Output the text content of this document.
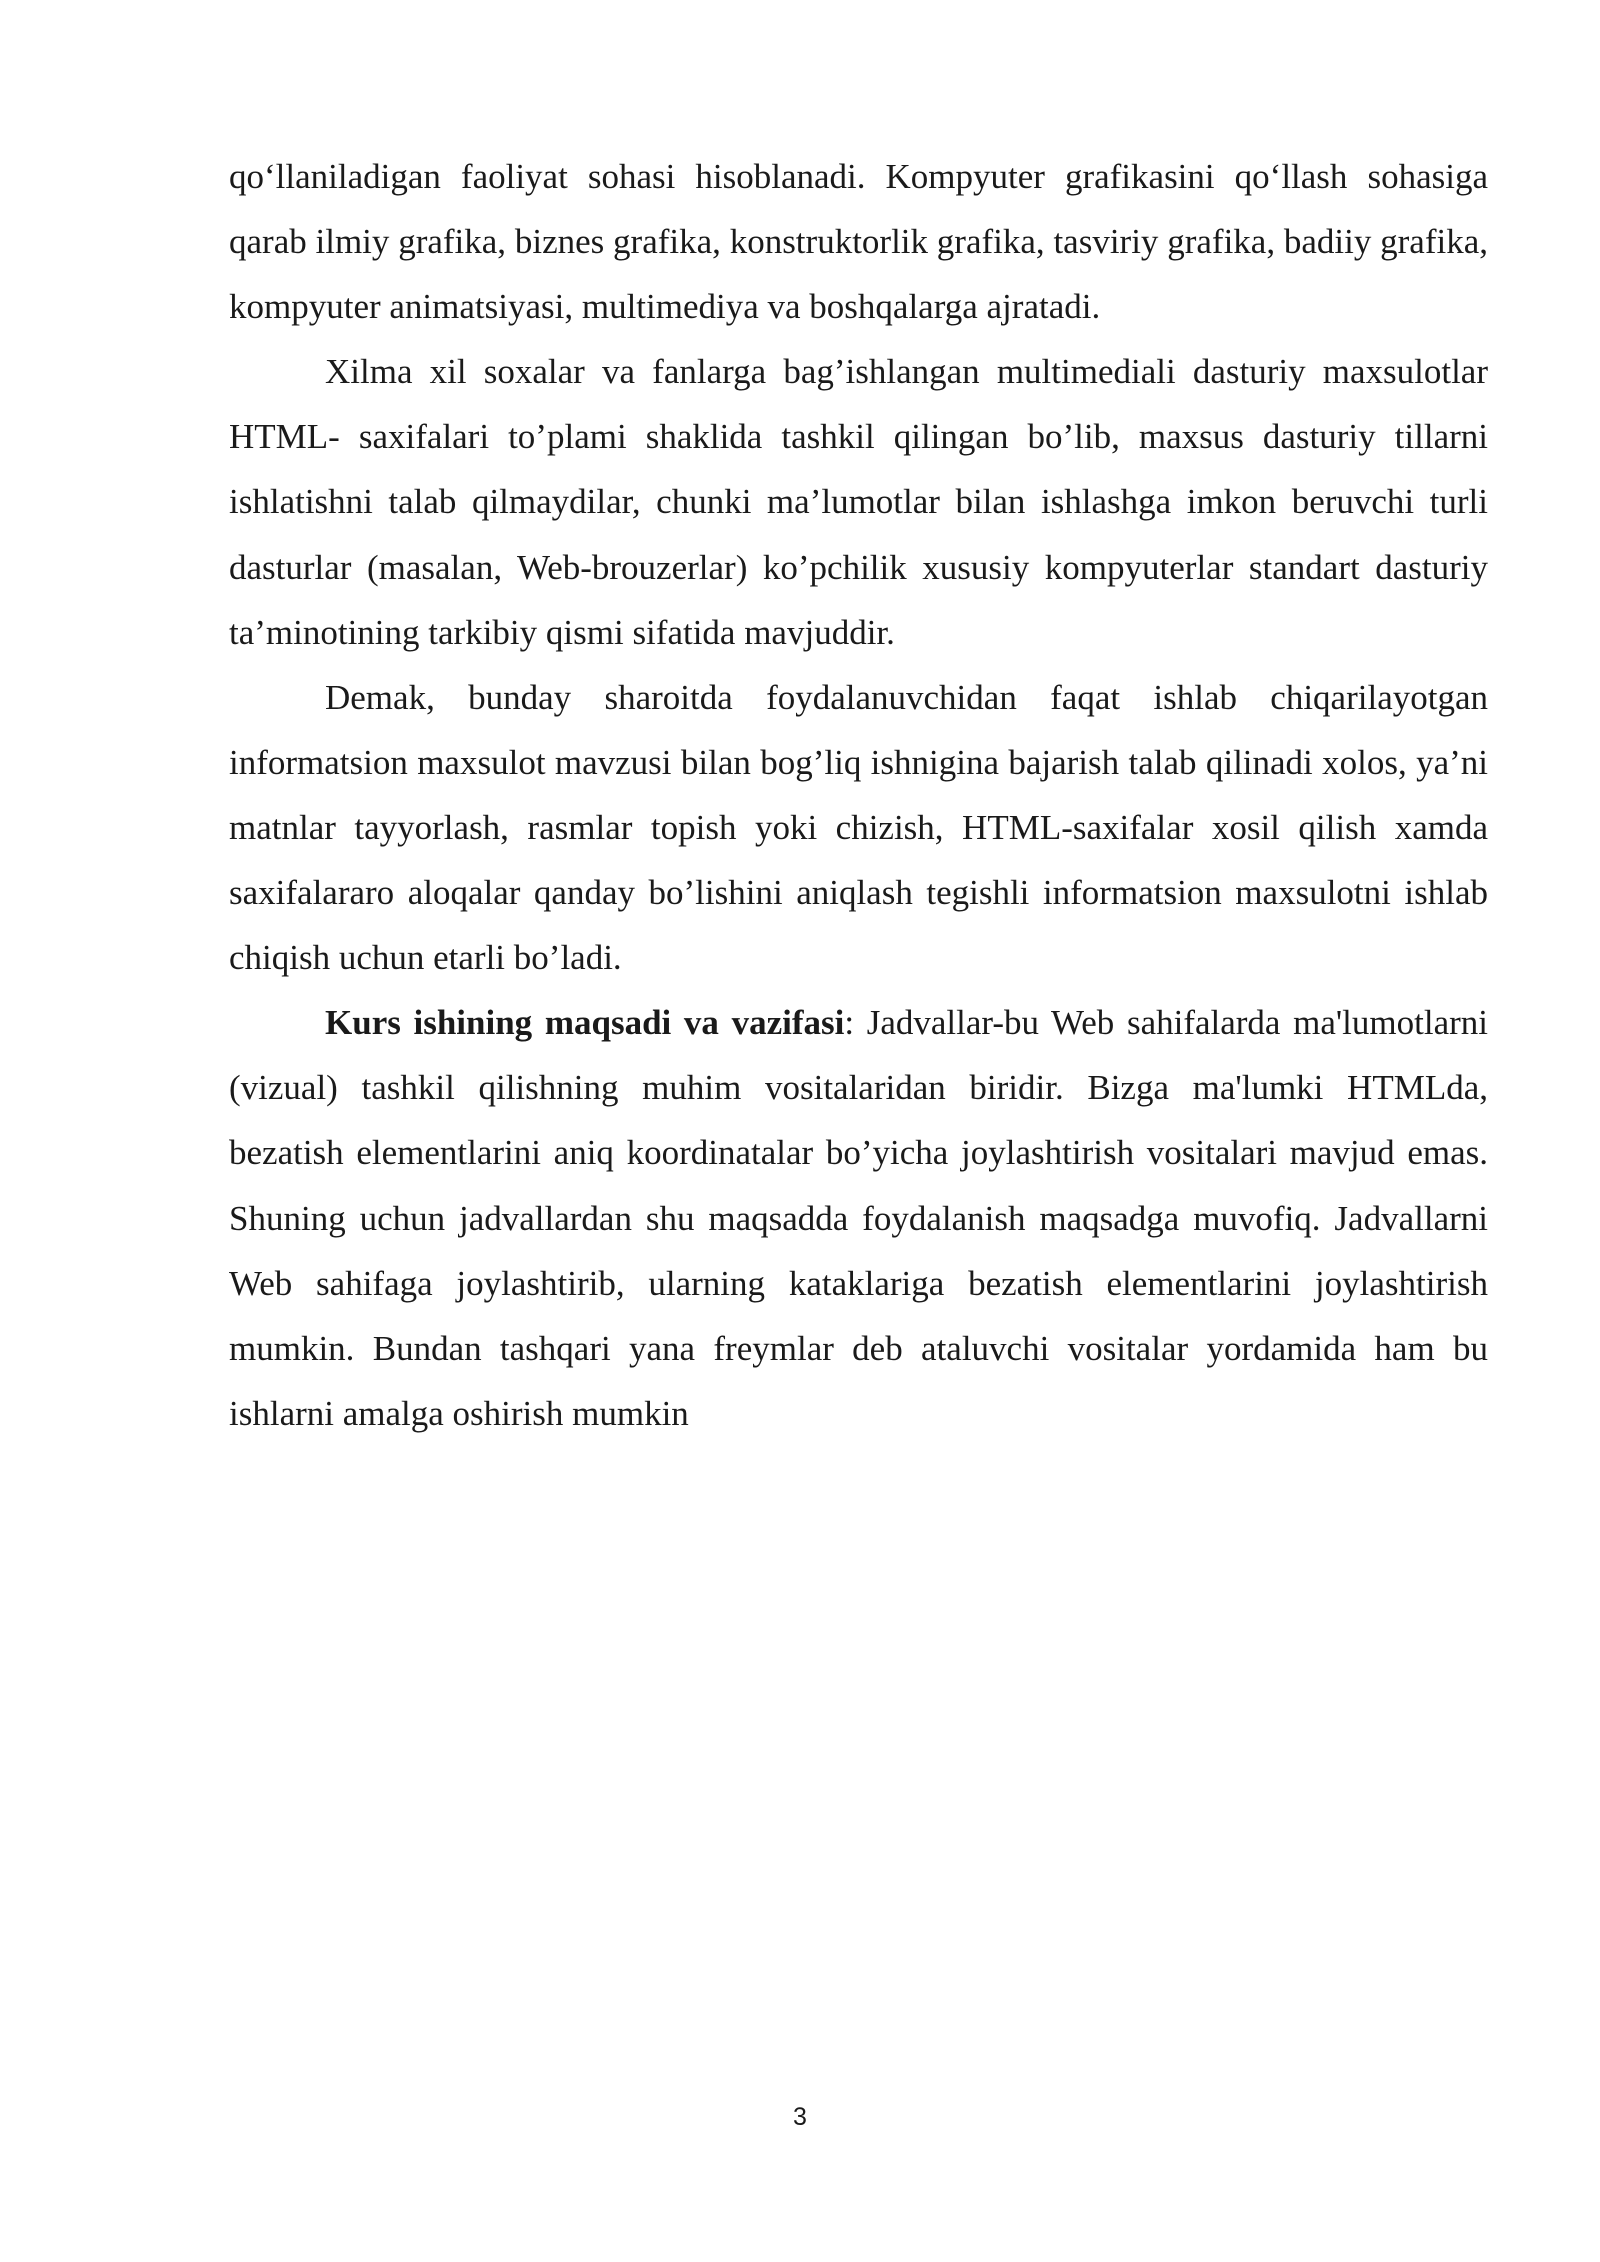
qo‘llaniladigan faoliyat sohasi hisoblanadi. Kompyuter grafikasini qo‘llash sohasiga qarab ilmiy grafika, biznes grafika, konstruktorlik grafika, tasviriy grafika, badiiy grafika, kompyuter animatsiyasi, multimediya va boshqalarga ajratadi.

Xilma xil soxalar va fanlarga bag’ishlangan multimediali dasturiy maxsulotlar HTML- saxifalari to’plami shaklida tashkil qilingan bo’lib, maxsus dasturiy tillarni ishlatishni talab qilmaydilar, chunki ma’lumotlar bilan ishlashga imkon beruvchi turli dasturlar (masalan, Web-brouzerlar) ko’pchilik xususiy kompyuterlar standart dasturiy ta’minotining tarkibiy qismi sifatida mavjuddir.

Demak, bunday sharoitda foydalanuvchidan faqat ishlab chiqarilayotgan informatsion maxsulot mavzusi bilan bog’liq ishnigina bajarish talab qilinadi xolos, ya’ni matnlar tayyorlash, rasmlar topish yoki chizish, HTML-saxifalar xosil qilish xamda saxifalararo aloqalar qanday bo’lishini aniqlash tegishli informatsion maxsulotni ishlab chiqish uchun etarli bo’ladi.

Kurs ishining maqsadi va vazifasi: Jadvallar-bu Web sahifalarda ma'lumotlarni (vizual) tashkil qilishning muhim vositalaridan biridir. Bizga ma'lumki HTMLda, bezatish elementlarini aniq koordinatalar bo’yicha joylashtirish vositalari mavjud emas. Shuning uchun jadvallardan shu maqsadda foydalanish maqsadga muvofiq. Jadvallarni Web sahifaga joylashtirib, ularning kataklariga bezatish elementlarini joylashtirish mumkin. Bundan tashqari yana freymlar deb ataluvchi vositalar yordamida ham bu ishlarni amalga oshirish mumkin

3
